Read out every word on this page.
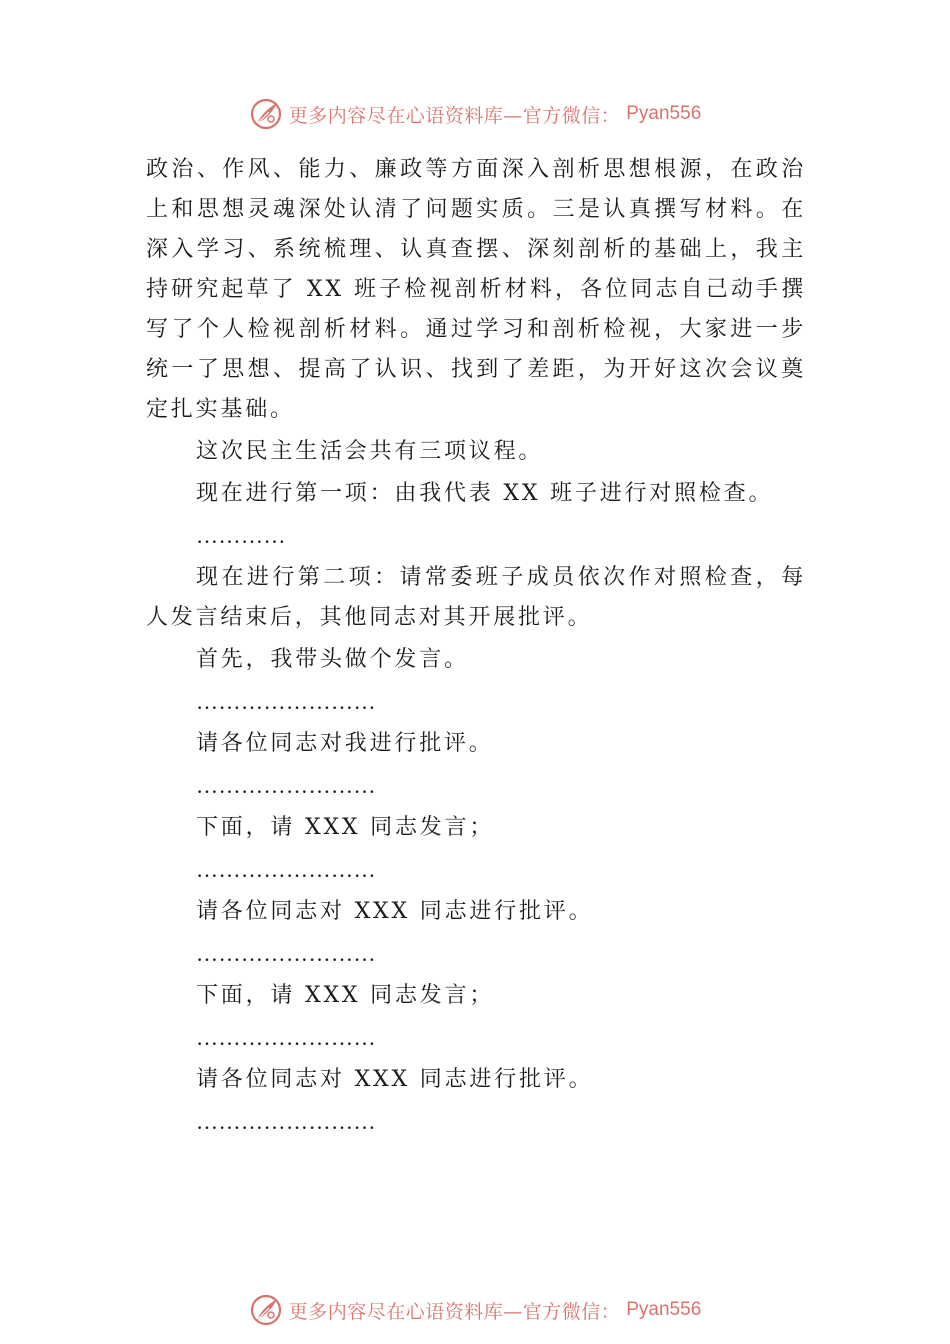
更多内容尽在心语资料库—官方微信： Pyan556

政治、作风、能力、廉政等方面深入剖析思想根源，在政治上和思想灵魂深处认清了问题实质。三是认真撰写材料。在深入学习、系统梳理、认真查摆、深刻剖析的基础上，我主持研究起草了 XX 班子检视剖析材料，各位同志自己动手撰写了个人检视剖析材料。通过学习和剖析检视，大家进一步统一了思想、提高了认识、找到了差距，为开好这次会议奠定扎实基础。

这次民主生活会共有三项议程。

现在进行第一项：由我代表 XX 班子进行对照检查。

…………

现在进行第二项：请常委班子成员依次作对照检查，每人发言结束后，其他同志对其开展批评。

首先，我带头做个发言。

……………………

请各位同志对我进行批评。

……………………

下面，请 XXX 同志发言；

……………………

请各位同志对 XXX 同志进行批评。

……………………

下面，请 XXX 同志发言；

……………………

请各位同志对 XXX 同志进行批评。

……………………

更多内容尽在心语资料库—官方微信： Pyan556
